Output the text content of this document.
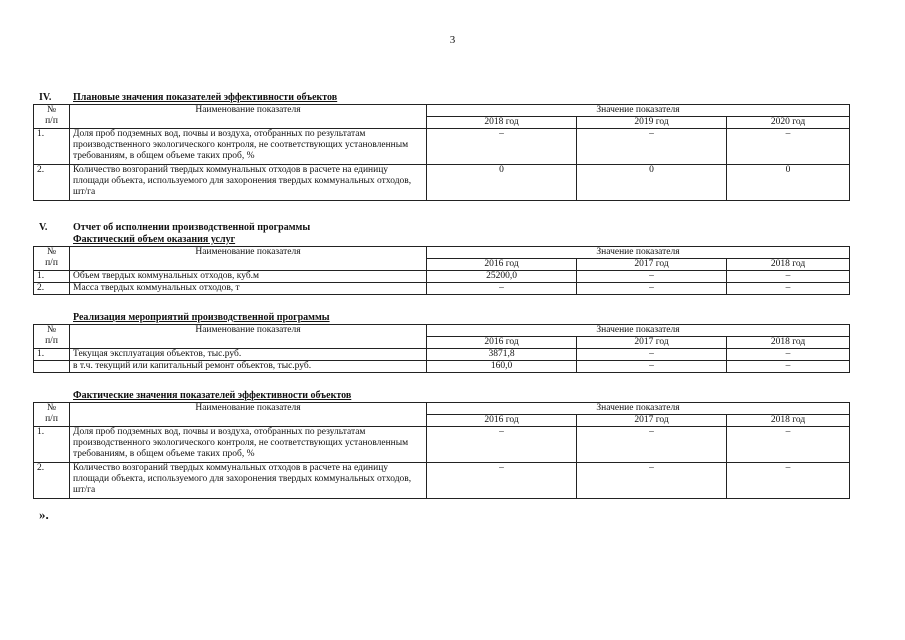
3
IV. Плановые значения показателей эффективности объектов
№
п/п	Наименование показателя	Значение показателя		
		2018 год	2019 год	2020 год
1.	Доля проб подземных вод, почвы и воздуха, отобранных по результатам производственного экологического контроля, не соответствующих установленным требованиям, в общем объеме таких проб, %	–	–	–
2.	Количество возгораний твердых коммунальных отходов в расчете на единицу площади объекта, используемого для захоронения твердых коммунальных отходов, шт/га	0	0	0
V.	Отчет об исполнении производственной программы
Фактический объем оказания услуг
№
п/п	Наименование показателя	Значение показателя		
		2016 год	2017 год	2018 год
1.	Объем твердых коммунальных отходов, куб.м	25200,0	–	–
2.	Масса твердых коммунальных отходов, т	–	–	–
Реализация мероприятий производственной программы
№
п/п	Наименование показателя	Значение показателя		
		2016 год	2017 год	2018 год
1.	Текущая эксплуатация объектов, тыс.руб.	3871,8	–	–
	в т.ч. текущий или капитальный ремонт объектов, тыс.руб.	160,0	–	–
Фактические значения показателей эффективности объектов
№
п/п	Наименование показателя	Значение показателя		
		2016 год	2017 год	2018 год
1.	Доля проб подземных вод, почвы и воздуха, отобранных по результатам производственного экологического контроля, не соответствующих установленным требованиям, в общем объеме таких проб, %	–	–	–
2.	Количество возгораний твердых коммунальных отходов в расчете на единицу площади объекта, используемого для захоронения твердых коммунальных отходов, шт/га	–	–	–
».
